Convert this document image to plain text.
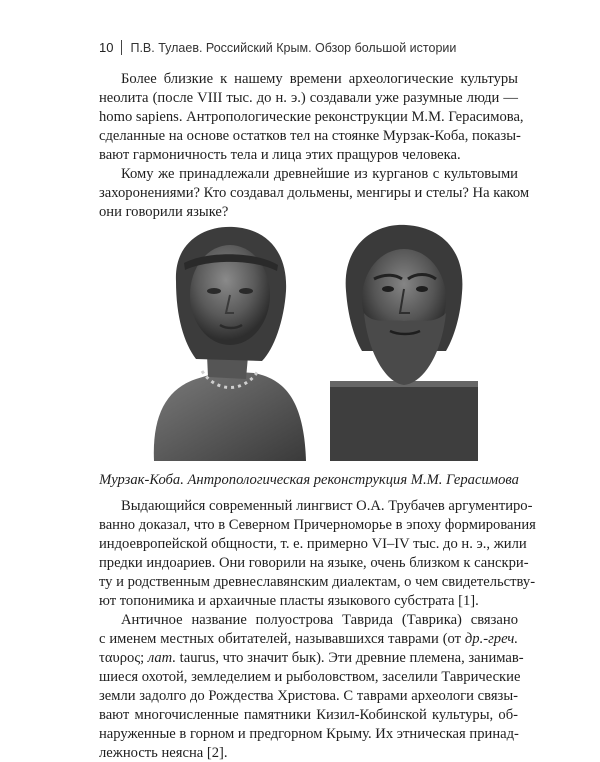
10 П.В. Тулаев. Российский Крым. Обзор большой истории
Более близкие к нашему времени археологические культуры
неолита (после VIII тыс. до н. э.) создавали уже разумные люди —
homo sapiens. Антропологические реконструкции М.М. Герасимова,
сделанные на основе остатков тел на стоянке Мурзак-Коба, показы-
вают гармоничность тела и лица этих пращуров человека.
Кому же принадлежали древнейшие из курганов с культовыми
захоронениями? Кто создавал дольмены, менгиры и стелы? На каком
они говорили языке?
Мурзак-Коба. Антропологическая реконструкция М.М. Герасимова
Выдающийся современный лингвист О.А. Трубачев аргументиро-
ванно доказал, что в Северном Причерноморье в эпоху формирования
индоевропейской общности, т. е. примерно VI–IV тыс. до н. э., жили
предки индоариев. Они говорили на языке, очень близком к санскри-
ту и родственным древнеславянским диалектам, о чем свидетельству-
ют топонимика и архаичные пласты языкового субстрата [1].
Античное название полуострова Таврида (Таврика) связано
с именем местных обитателей, называвшихся таврами (от др.-греч.
ταυρος; лат. taurus, что значит бык). Эти древние племена, занимав-
шиеся охотой, земледелием и рыболовством, заселили Таврические
земли задолго до Рождества Христова. С таврами археологи связы-
вают многочисленные памятники Кизил-Кобинской культуры, об-
наруженные в горном и предгорном Крыму. Их этническая принад-
лежность неясна [2].
